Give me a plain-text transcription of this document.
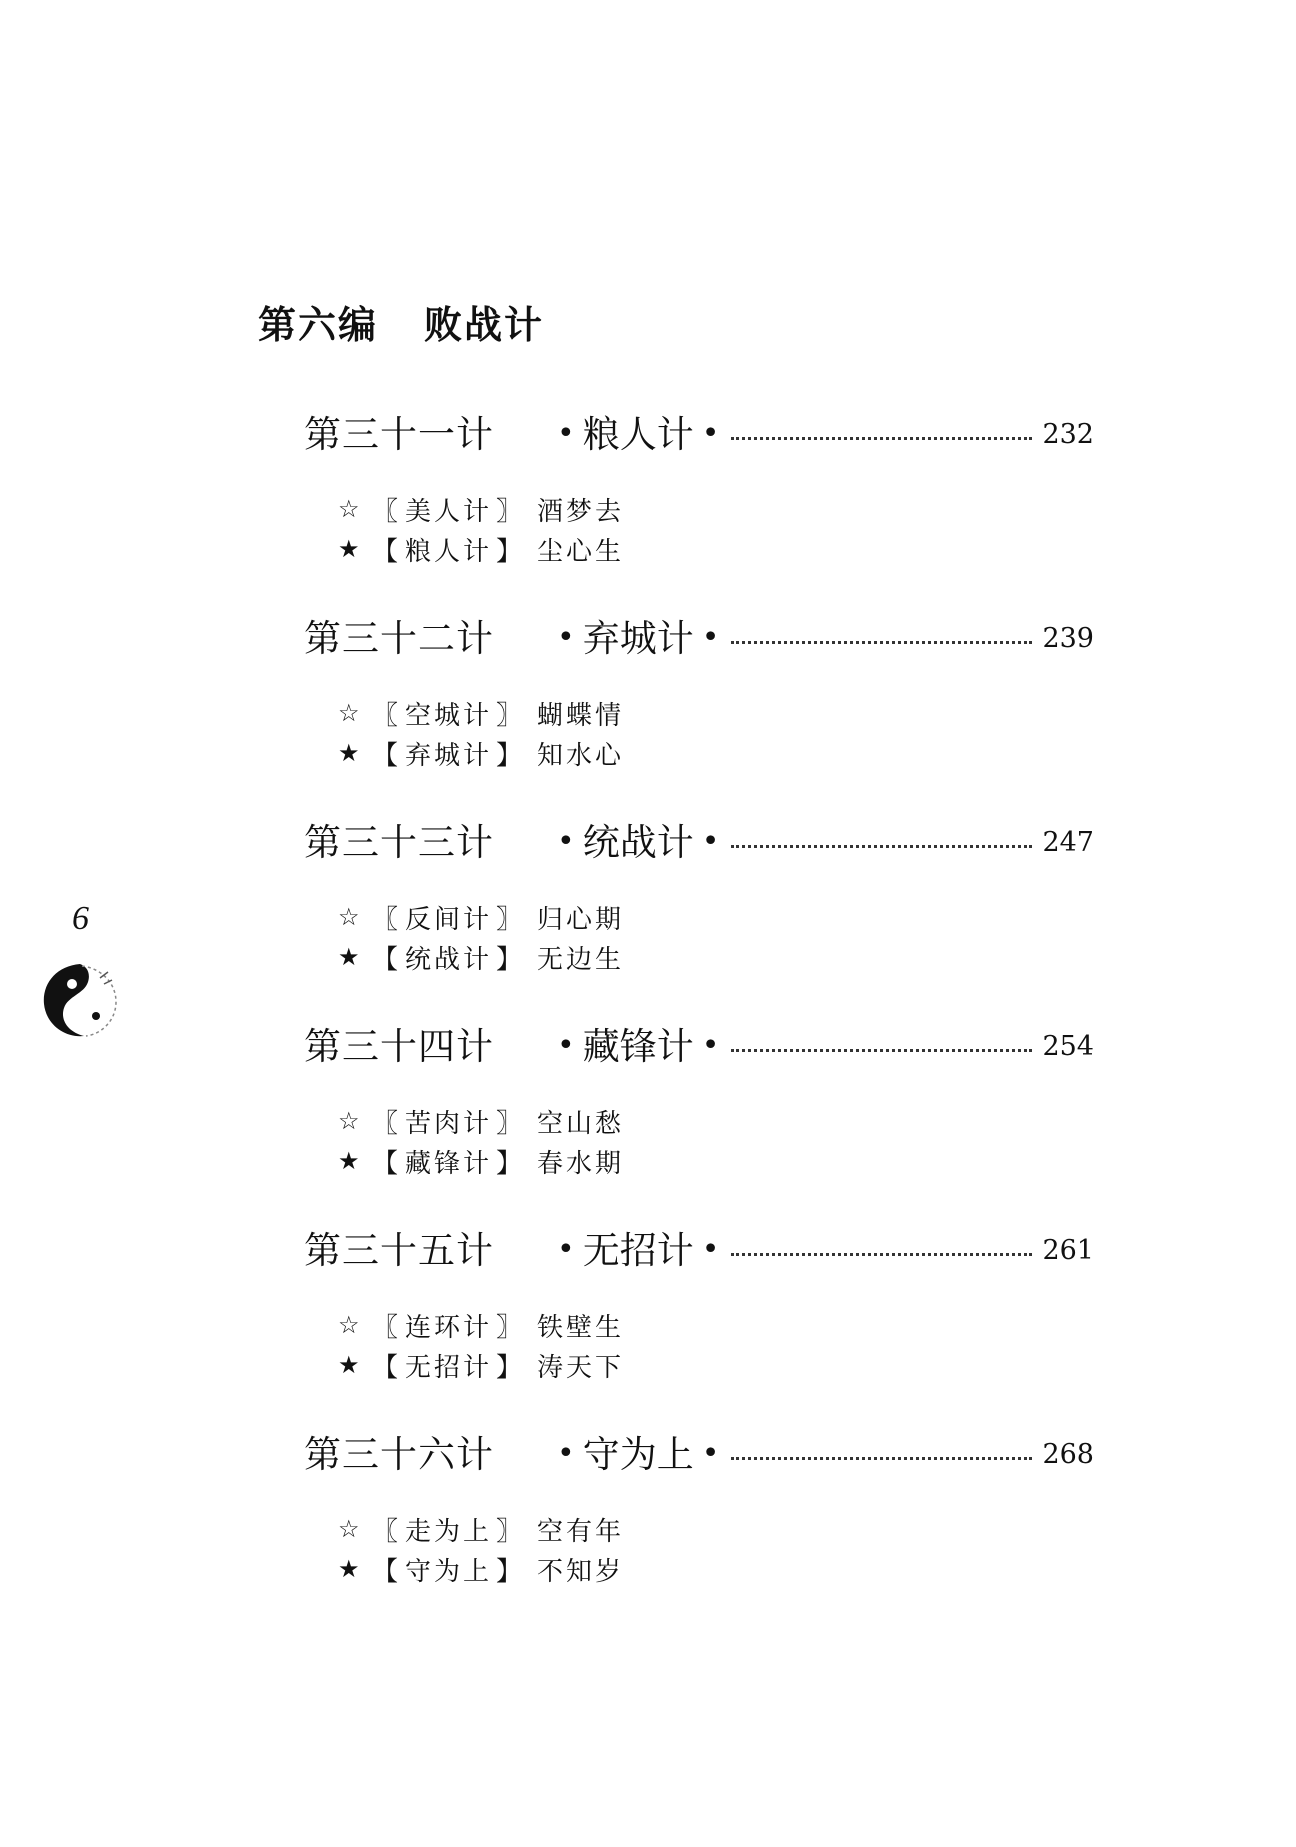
第六编 败战计
第三十一计	• 粮人计 •	232
☆ 〖 美人计 〗 酒梦去
★ 【 粮人计 】 尘心生
第三十二计	• 弃城计 •	239
☆ 〖 空城计 〗 蝴蝶情
★ 【 弃城计 】 知水心
第三十三计	• 统战计 •	247
☆ 〖 反间计 〗 归心期
★ 【 统战计 】 无边生
第三十四计	• 藏锋计 •	254
☆ 〖 苦肉计 〗 空山愁
★ 【 藏锋计 】 春水期
第三十五计	• 无招计 •	261
☆ 〖 连环计 〗 铁壁生
★ 【 无招计 】 涛天下
第三十六计	• 守为上 •	268
☆ 〖 走为上 〗 空有年
★ 【 守为上 】 不知岁
6
